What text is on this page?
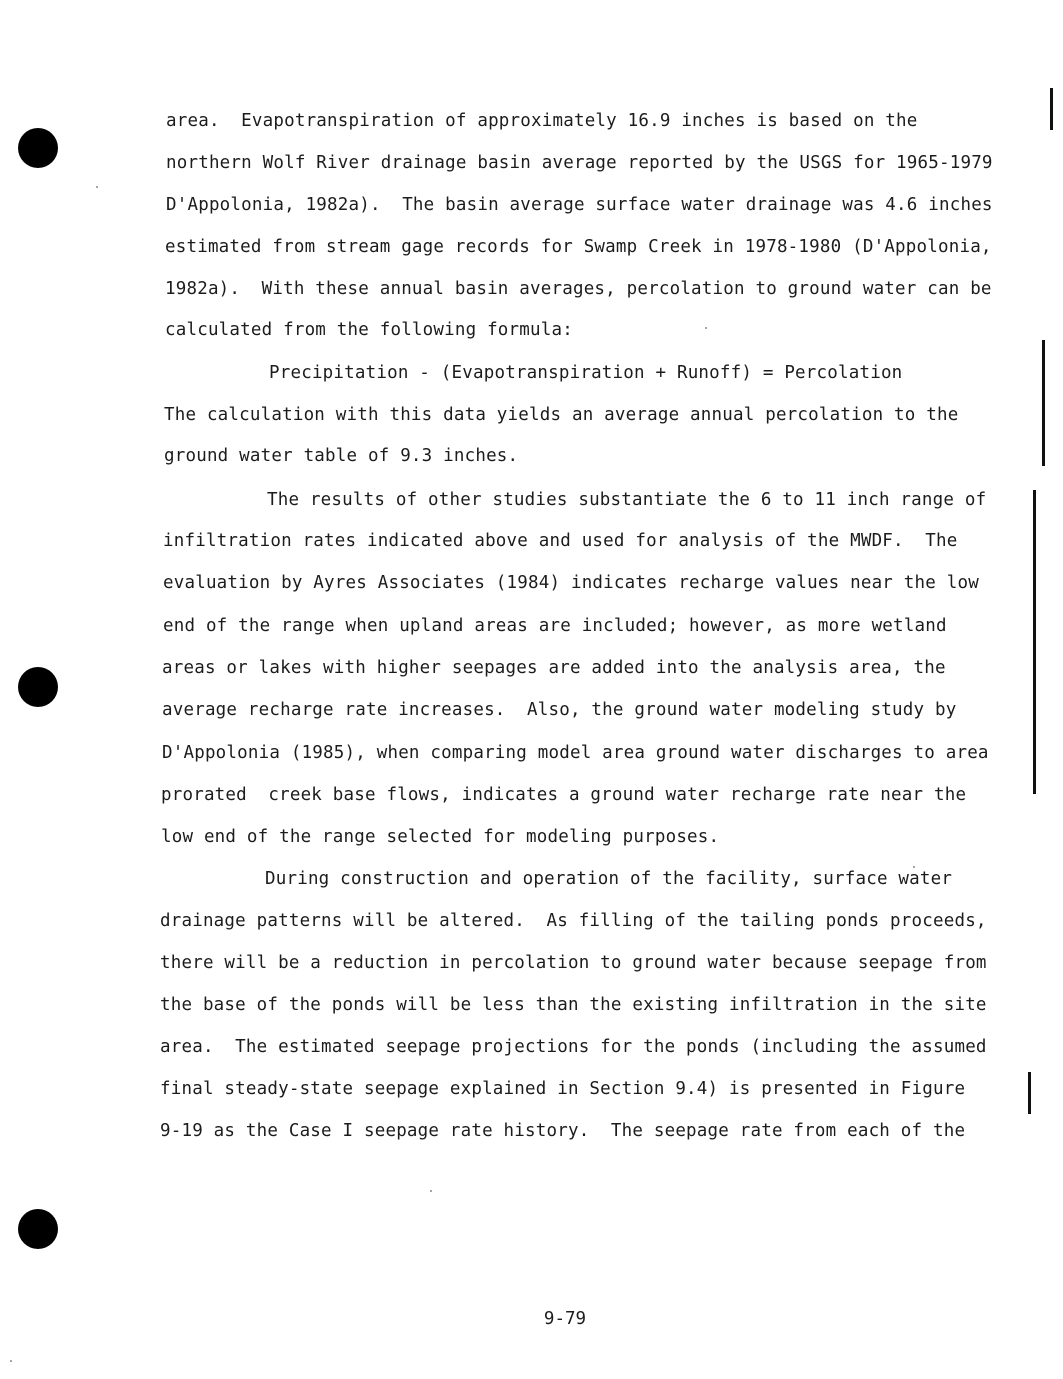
area.  Evapotranspiration of approximately 16.9 inches is based on the
northern Wolf River drainage basin average reported by the USGS for 1965-1979
D'Appolonia, 1982a).  The basin average surface water drainage was 4.6 inches
estimated from stream gage records for Swamp Creek in 1978-1980 (D'Appolonia,
1982a).  With these annual basin averages, percolation to ground water can be
calculated from the following formula:
Precipitation - (Evapotranspiration + Runoff) = Percolation
The calculation with this data yields an average annual percolation to the
ground water table of 9.3 inches.
The results of other studies substantiate the 6 to 11 inch range of
infiltration rates indicated above and used for analysis of the MWDF.  The
evaluation by Ayres Associates (1984) indicates recharge values near the low
end of the range when upland areas are included; however, as more wetland
areas or lakes with higher seepages are added into the analysis area, the
average recharge rate increases.  Also, the ground water modeling study by
D'Appolonia (1985), when comparing model area ground water discharges to area
prorated  creek base flows, indicates a ground water recharge rate near the
low end of the range selected for modeling purposes.
During construction and operation of the facility, surface water
drainage patterns will be altered.  As filling of the tailing ponds proceeds,
there will be a reduction in percolation to ground water because seepage from
the base of the ponds will be less than the existing infiltration in the site
area.  The estimated seepage projections for the ponds (including the assumed
final steady-state seepage explained in Section 9.4) is presented in Figure
9-19 as the Case I seepage rate history.  The seepage rate from each of the
9-79
